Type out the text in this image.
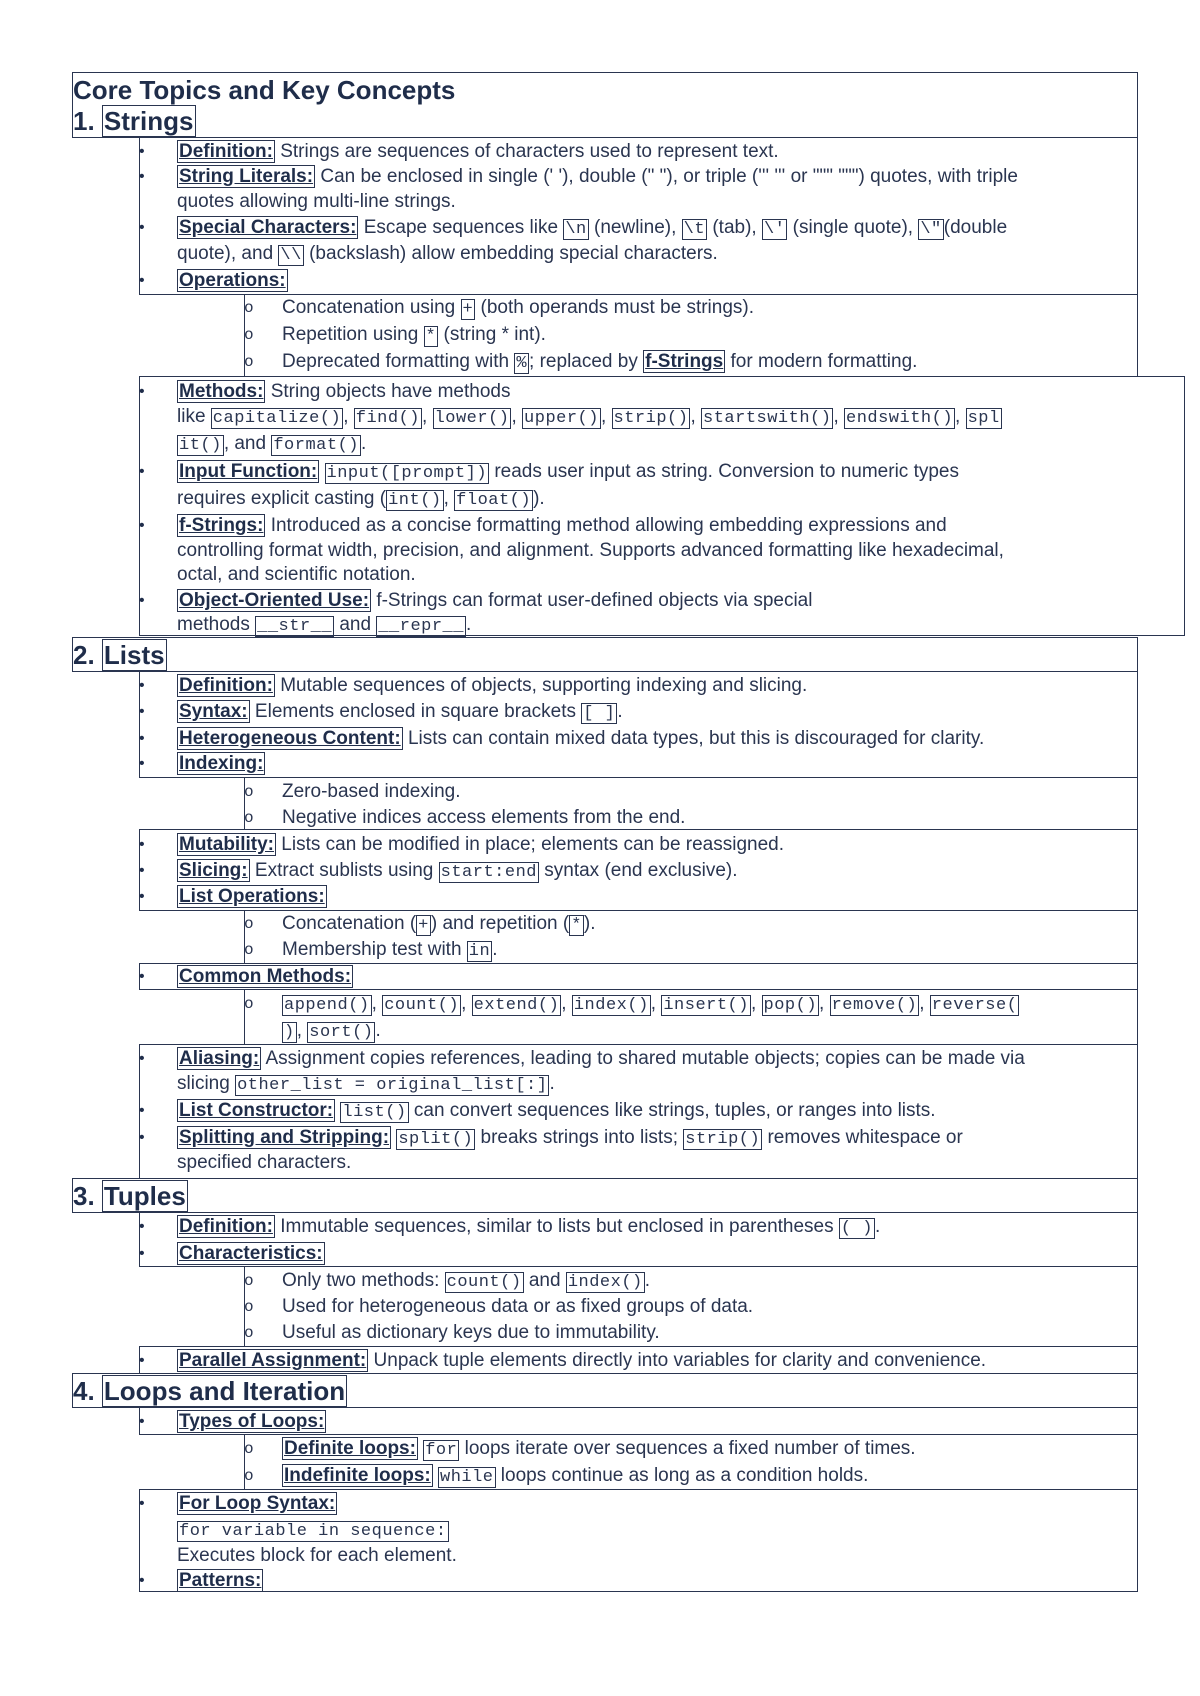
Core Topics and Key Concepts
1. Strings
• Definition: Strings are sequences of characters used to represent text.
• String Literals: Can be enclosed in single (' '), double (" "), or triple (''' ''' or """ """) quotes, with triple
quotes allowing multi-line strings.
• Special Characters: Escape sequences like \n (newline), \t (tab), \' (single quote), \" (double
quote), and \\ (backslash) allow embedding special characters.
• Operations:
o Concatenation using + (both operands must be strings).
o Repetition using * (string * int).
o Deprecated formatting with % ; replaced by f-Strings for modern formatting.
• Methods: String objects have methods
like capitalize() , find() , lower() , upper() , strip() , startswith() , endswith() , spl
it() , and format() .
• Input Function: input([prompt]) reads user input as string. Conversion to numeric types
requires explicit casting ( int() , float() ).
• f-Strings: Introduced as a concise formatting method allowing embedding expressions and
controlling format width, precision, and alignment. Supports advanced formatting like hexadecimal,
octal, and scientific notation.
• Object-Oriented Use: f-Strings can format user-defined objects via special
methods __str__ and __repr__ .
2. Lists
• Definition: Mutable sequences of objects, supporting indexing and slicing.
• Syntax: Elements enclosed in square brackets [ ] .
• Heterogeneous Content: Lists can contain mixed data types, but this is discouraged for clarity.
• Indexing:
o Zero-based indexing.
o Negative indices access elements from the end.
• Mutability: Lists can be modified in place; elements can be reassigned.
• Slicing: Extract sublists using start:end syntax (end exclusive).
• List Operations:
o Concatenation ( + ) and repetition ( * ).
o Membership test with in .
• Common Methods:
o append() , count() , extend() , index() , insert() , pop() , remove() , reverse(
) , sort() .
• Aliasing: Assignment copies references, leading to shared mutable objects; copies can be made via
slicing other_list = original_list[:] .
• List Constructor: list() can convert sequences like strings, tuples, or ranges into lists.
• Splitting and Stripping: split() breaks strings into lists; strip() removes whitespace or
specified characters.
3. Tuples
• Definition: Immutable sequences, similar to lists but enclosed in parentheses ( ) .
• Characteristics:
o Only two methods: count() and index() .
o Used for heterogeneous data or as fixed groups of data.
o Useful as dictionary keys due to immutability.
• Parallel Assignment: Unpack tuple elements directly into variables for clarity and convenience.
4. Loops and Iteration
• Types of Loops:
o Definite loops: for loops iterate over sequences a fixed number of times.
o Indefinite loops: while loops continue as long as a condition holds.
• For Loop Syntax:
for variable in sequence:
Executes block for each element.
• Patterns:
